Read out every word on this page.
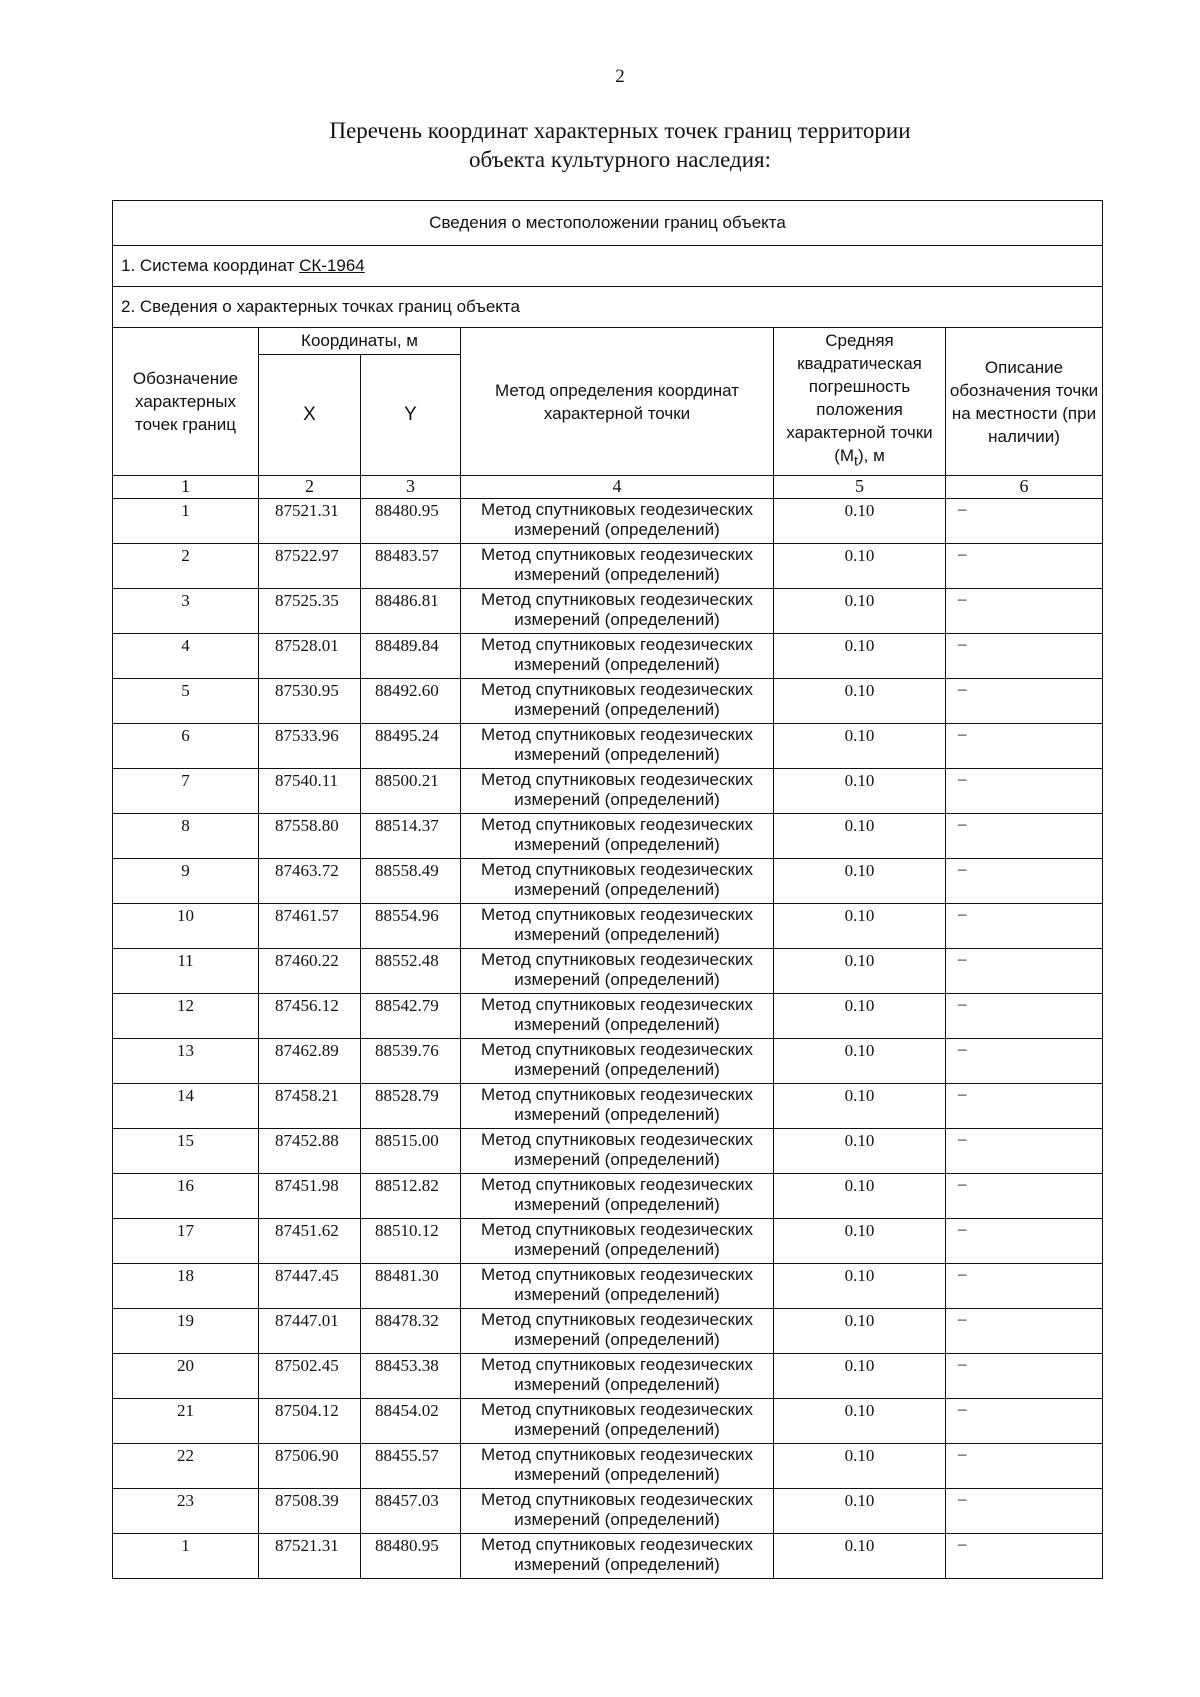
2
Перечень координат характерных точек границ территории
объекта культурного наследия:
Сведения о местоположении границ объекта					
1. Система координат СК-1964					
2. Сведения о характерных точках границ объекта					
Обозначение характерных точек границ	Координаты, м		Метод определения координат характерной точки	Средняя квадратическая погрешность положения характерной точки $(M_t)$, м	Описание обозначения точки на местности (при наличии)
	X	Y			
1	2	3	4	5	6
1	87521.31	88480.95	Метод спутниковых геодезических измерений (определений)	0.10	–
2	87522.97	88483.57	Метод спутниковых геодезических измерений (определений)	0.10	–
3	87525.35	88486.81	Метод спутниковых геодезических измерений (определений)	0.10	–
4	87528.01	88489.84	Метод спутниковых геодезических измерений (определений)	0.10	–
5	87530.95	88492.60	Метод спутниковых геодезических измерений (определений)	0.10	–
6	87533.96	88495.24	Метод спутниковых геодезических измерений (определений)	0.10	–
7	87540.11	88500.21	Метод спутниковых геодезических измерений (определений)	0.10	–
8	87558.80	88514.37	Метод спутниковых геодезических измерений (определений)	0.10	–
9	87463.72	88558.49	Метод спутниковых геодезических измерений (определений)	0.10	–
10	87461.57	88554.96	Метод спутниковых геодезических измерений (определений)	0.10	–
11	87460.22	88552.48	Метод спутниковых геодезических измерений (определений)	0.10	–
12	87456.12	88542.79	Метод спутниковых геодезических измерений (определений)	0.10	–
13	87462.89	88539.76	Метод спутниковых геодезических измерений (определений)	0.10	–
14	87458.21	88528.79	Метод спутниковых геодезических измерений (определений)	0.10	–
15	87452.88	88515.00	Метод спутниковых геодезических измерений (определений)	0.10	–
16	87451.98	88512.82	Метод спутниковых геодезических измерений (определений)	0.10	–
17	87451.62	88510.12	Метод спутниковых геодезических измерений (определений)	0.10	–
18	87447.45	88481.30	Метод спутниковых геодезических измерений (определений)	0.10	–
19	87447.01	88478.32	Метод спутниковых геодезических измерений (определений)	0.10	–
20	87502.45	88453.38	Метод спутниковых геодезических измерений (определений)	0.10	–
21	87504.12	88454.02	Метод спутниковых геодезических измерений (определений)	0.10	–
22	87506.90	88455.57	Метод спутниковых геодезических измерений (определений)	0.10	–
23	87508.39	88457.03	Метод спутниковых геодезических измерений (определений)	0.10	–
1	87521.31	88480.95	Метод спутниковых геодезических измерений (определений)	0.10	–
